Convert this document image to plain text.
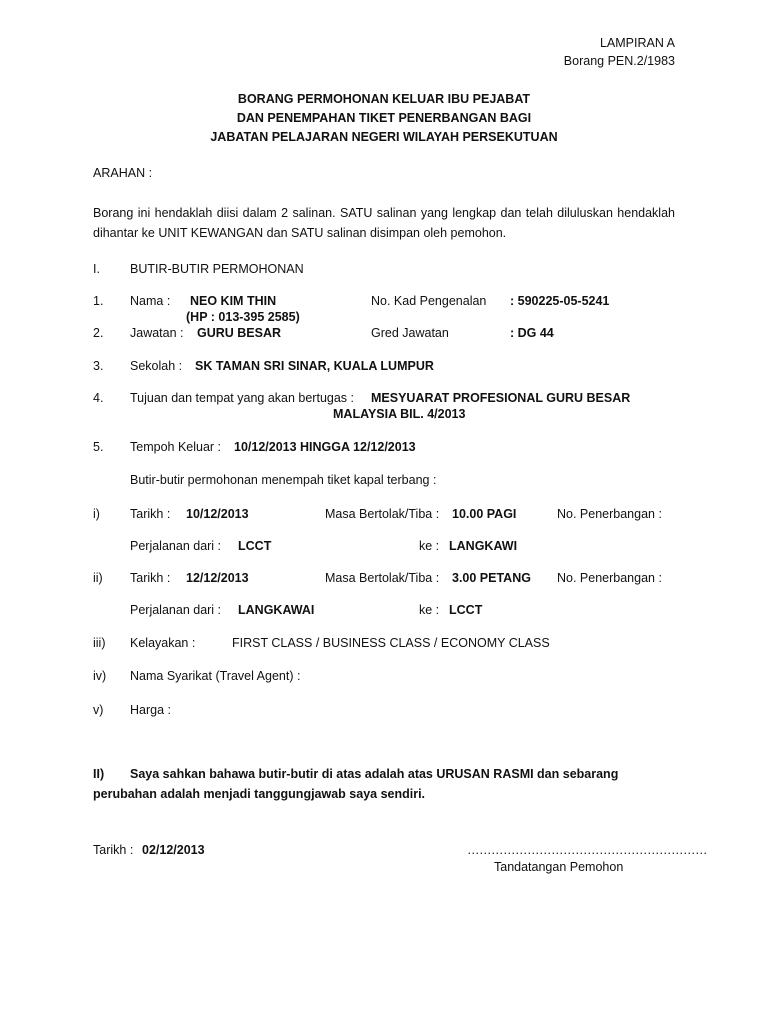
LAMPIRAN A
Borang PEN.2/1983
BORANG PERMOHONAN KELUAR IBU PEJABAT
DAN PENEMPAHAN TIKET PENERBANGAN BAGI
JABATAN PELAJARAN NEGERI WILAYAH PERSEKUTUAN
ARAHAN :
Borang ini hendaklah diisi dalam 2 salinan. SATU salinan yang lengkap dan telah diluluskan hendaklah dihantar ke UNIT KEWANGAN dan SATU salinan disimpan oleh pemohon.
I. BUTIR-BUTIR PERMOHONAN
1. Nama : NEO KIM THIN
(HP : 013-395 2585)
No. Kad Pengenalan : 590225-05-5241
2. Jawatan : GURU BESAR	Gred Jawatan	: DG 44
3. Sekolah : SK TAMAN SRI SINAR, KUALA LUMPUR
4. Tujuan dan tempat yang akan bertugas : MESYUARAT PROFESIONAL GURU BESAR
MALAYSIA BIL. 4/2013
5. Tempoh Keluar : 10/12/2013 HINGGA 12/12/2013
Butir-butir permohonan menempah tiket kapal terbang :
i) Tarikh : 10/12/2013	Masa Bertolak/Tiba : 10.00 PAGI	No. Penerbangan :
Perjalanan dari : LCCT	ke : LANGKAWI
ii) Tarikh : 12/12/2013	Masa Bertolak/Tiba : 3.00 PETANG No. Penerbangan :
Perjalanan dari : LANGKAWAI	ke : LCCT
iii) Kelayakan :	FIRST CLASS / BUSINESS CLASS / ECONOMY CLASS
iv) Nama Syarikat (Travel Agent) :
v) Harga :
II) Saya sahkan bahawa butir-butir di atas adalah atas URUSAN RASMI dan sebarang
perubahan adalah menjadi tanggungjawab saya sendiri.
Tarikh : 02/12/2013	……………………………………………………
Tandatangan Pemohon
